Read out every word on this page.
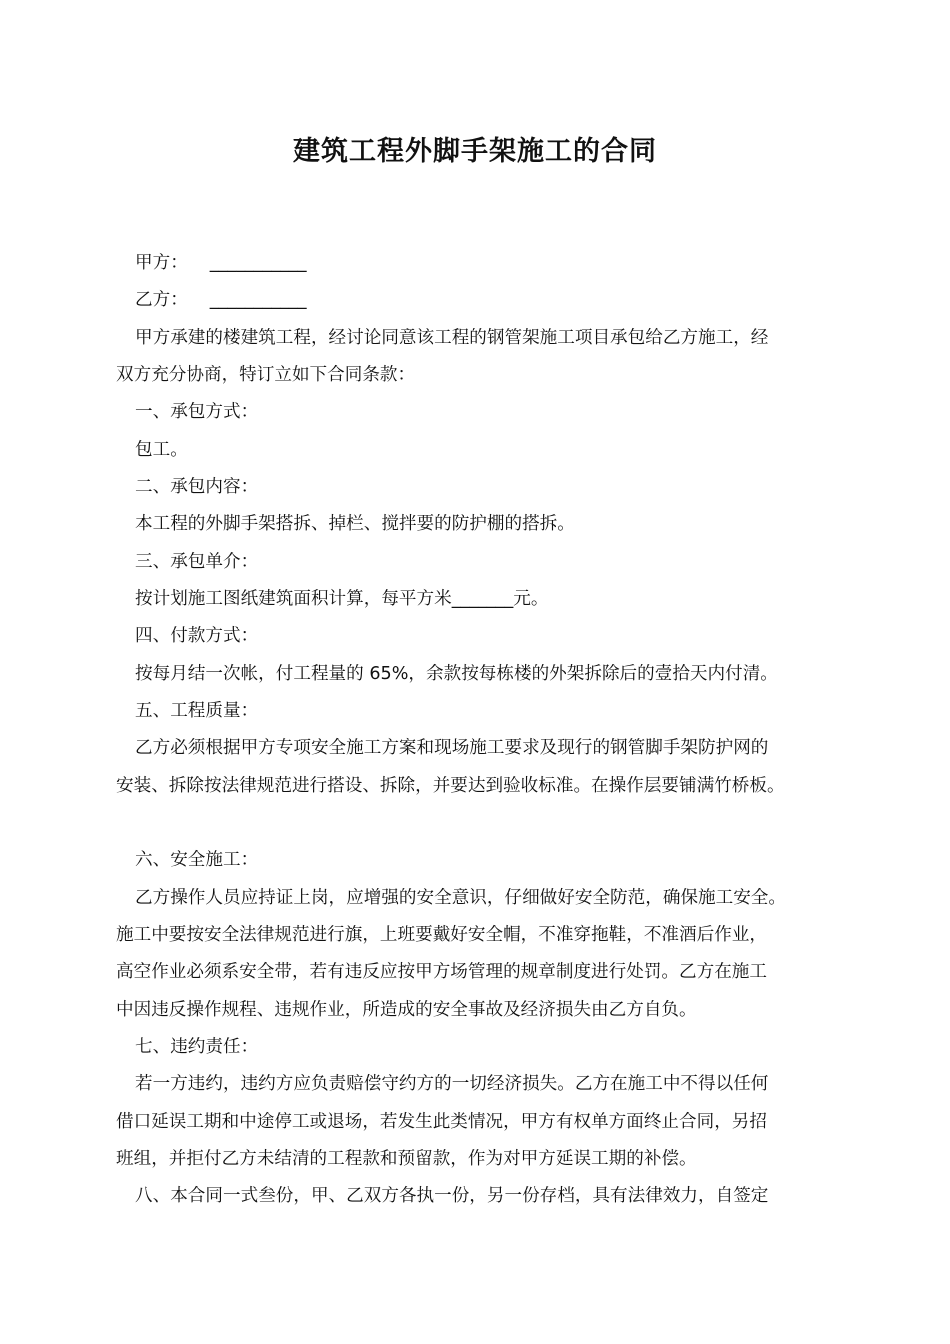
建筑工程外脚手架施工的合同
甲方： ___________
乙方： ___________
甲方承建的楼建筑工程，经讨论同意该工程的钢管架施工项目承包给乙方施工，经
双方充分协商，特订立如下合同条款：
一、承包方式：
包工。
二、承包内容：
本工程的外脚手架搭拆、掉栏、搅拌要的防护棚的搭拆。
三、承包单介：
按计划施工图纸建筑面积计算，每平方米_______元。
四、付款方式：
按每月结一次帐，付工程量的 65%，余款按每栋楼的外架拆除后的壹拾天内付清。
五、工程质量：
乙方必须根据甲方专项安全施工方案和现场施工要求及现行的钢管脚手架防护网的
安装、拆除按法律规范进行搭设、拆除，并要达到验收标准。在操作层要铺满竹桥板。
六、安全施工：
乙方操作人员应持证上岗，应增强的安全意识，仔细做好安全防范，确保施工安全。
施工中要按安全法律规范进行旗，上班要戴好安全帽，不准穿拖鞋，不准酒后作业，
高空作业必须系安全带，若有违反应按甲方场管理的规章制度进行处罚。乙方在施工
中因违反操作规程、违规作业，所造成的安全事故及经济损失由乙方自负。
七、违约责任：
若一方违约，违约方应负责赔偿守约方的一切经济损失。乙方在施工中不得以任何
借口延误工期和中途停工或退场，若发生此类情况，甲方有权单方面终止合同，另招
班组，并拒付乙方未结清的工程款和预留款，作为对甲方延误工期的补偿。
八、本合同一式叁份，甲、乙双方各执一份，另一份存档，具有法律效力，自签定
